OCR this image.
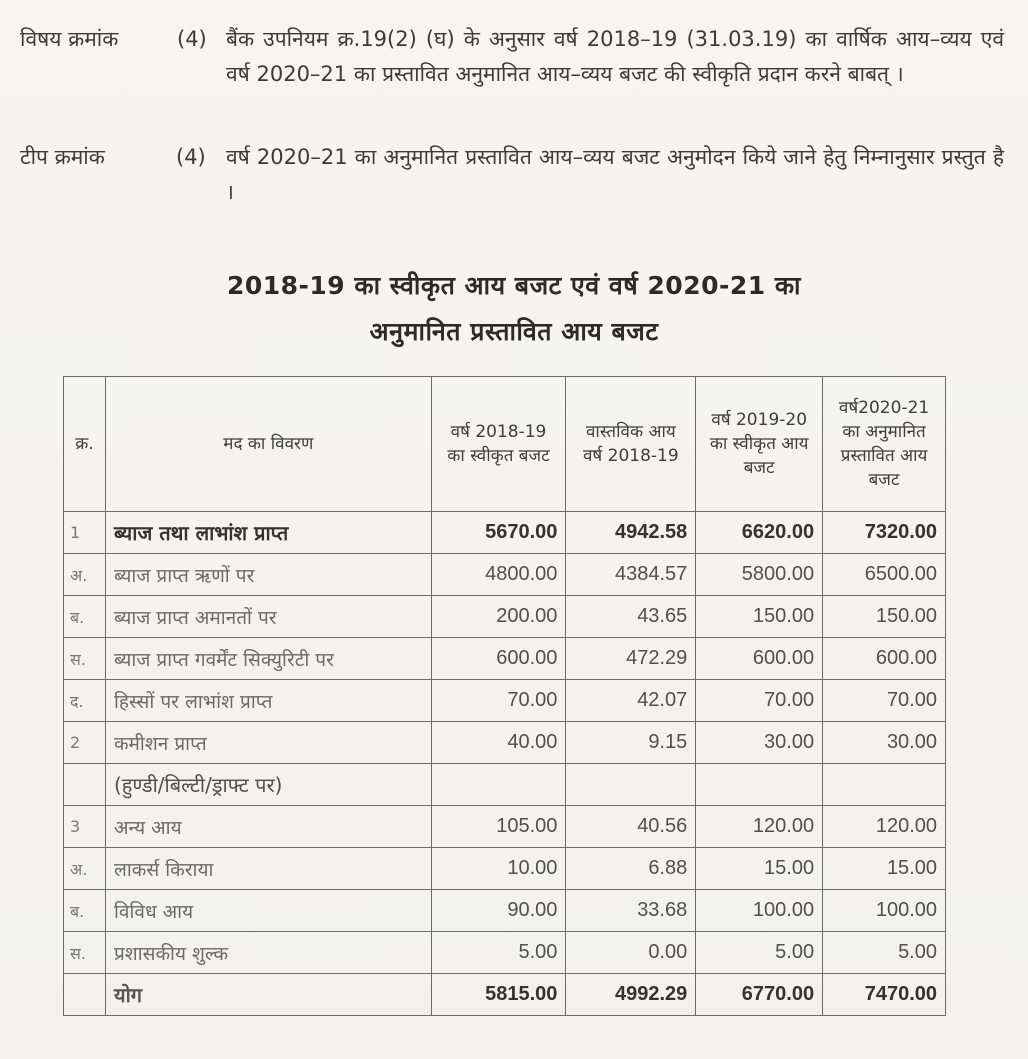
विषय क्रमांक	(4) बैंक उपनियम क्र.19(2) (घ) के अनुसार वर्ष 2018–19 (31.03.19) का वार्षिक आय–व्यय एवं वर्ष 2020–21 का प्रस्तावित अनुमानित आय–व्यय बजट की स्वीकृति प्रदान करने बाबत् ।
टीप क्रमांक	(4) वर्ष 2020–21 का अनुमानित प्रस्तावित आय–व्यय बजट अनुमोदन किये जाने हेतु निम्नानुसार प्रस्तुत है ।
2018-19 का स्वीकृत आय बजट एवं वर्ष 2020-21 का
अनुमानित प्रस्तावित आय बजट
क्र.	मद का विवरण	वर्ष 2018-19 का स्वीकृत बजट	वास्तविक आय वर्ष 2018-19	वर्ष 2019-20 का स्वीकृत आय बजट	वर्ष2020-21 का अनुमानित प्रस्तावित आय बजट
1	ब्याज तथा लाभांश प्राप्त	5670.00	4942.58	6620.00	7320.00
अ.	ब्याज प्राप्त ऋणों पर	4800.00	4384.57	5800.00	6500.00
ब.	ब्याज प्राप्त अमानतों पर	200.00	43.65	150.00	150.00
स.	ब्याज प्राप्त गवर्मेंट सिक्युरिटी पर	600.00	472.29	600.00	600.00
द.	हिस्सों पर लाभांश प्राप्त	70.00	42.07	70.00	70.00
2	कमीशन प्राप्त	40.00	9.15	30.00	30.00
	(हुण्डी/बिल्टी/ड्राफ्ट पर)				
3	अन्य आय	105.00	40.56	120.00	120.00
अ.	लाकर्स किराया	10.00	6.88	15.00	15.00
ब.	विविध आय	90.00	33.68	100.00	100.00
स.	प्रशासकीय शुल्क	5.00	0.00	5.00	5.00
	योग	5815.00	4992.29	6770.00	7470.00
